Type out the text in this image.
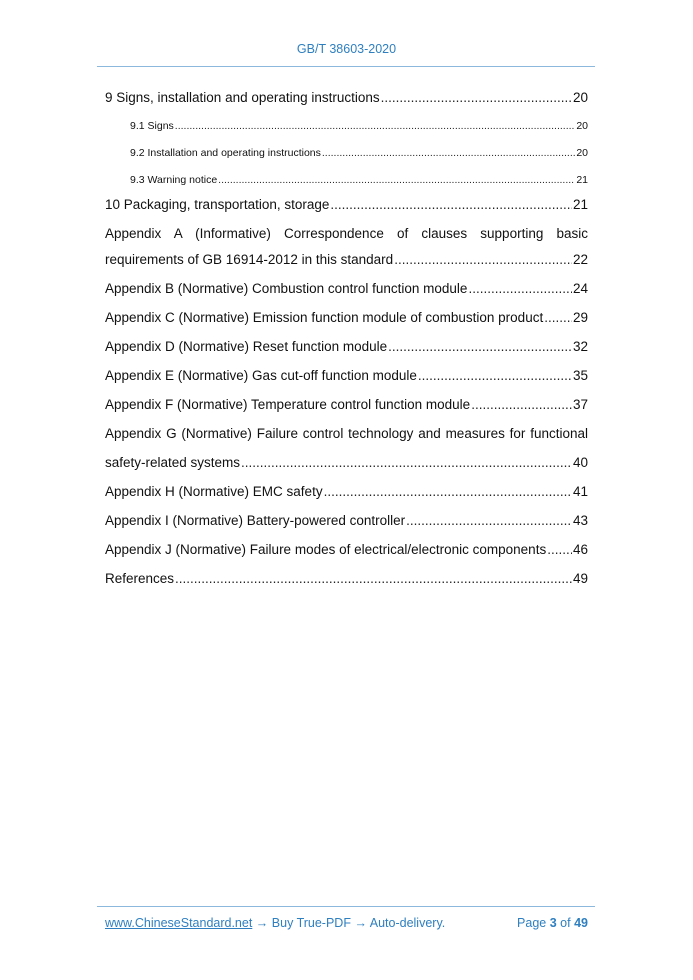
GB/T 38603-2020
9 Signs, installation and operating instructions .....	20
9.1 Signs .....	20
9.2 Installation and operating instructions .....	20
9.3 Warning notice .....	21
10 Packaging, transportation, storage .....	21
Appendix A (Informative) Correspondence of clauses supporting basic
requirements of GB 16914-2012 in this standard .....	22
Appendix B (Normative) Combustion control function module .....	24
Appendix C (Normative) Emission function module of combustion product ..... 29
Appendix D (Normative) Reset function module .....	32
Appendix E (Normative) Gas cut-off function module .....	35
Appendix F (Normative) Temperature control function module .....	37
Appendix G (Normative) Failure control technology and measures for functional
safety-related systems .....	40
Appendix H (Normative) EMC safety .....	41
Appendix I (Normative) Battery-powered controller .....	43
Appendix J (Normative) Failure modes of electrical/electronic components ..... 46
References .....	49
www.ChineseStandard.net → Buy True-PDF → Auto-delivery.	Page 3 of 49
